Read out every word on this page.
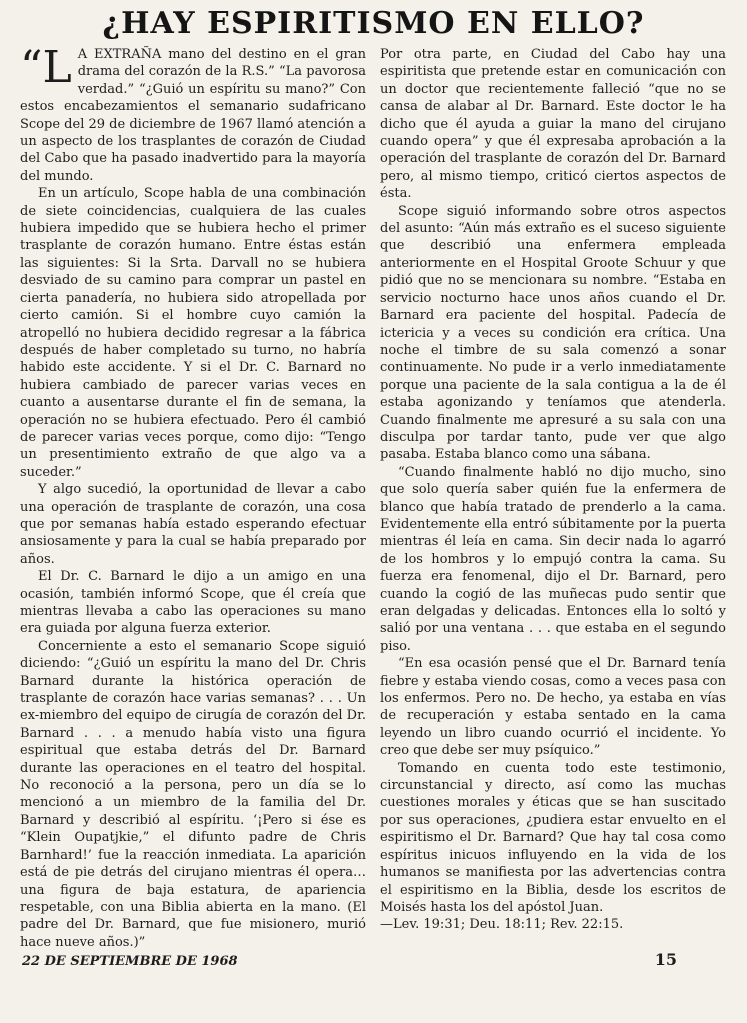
¿HAY ESPIRITISMO EN ELLO?

“L A EXTRAÑA mano del destino en el gran drama del corazón de la R.S.” “La pavorosa verdad.” “¿Guió un espíritu su mano?” Con estos encabezamientos el semanario sudafricano Scope del 29 de diciembre de 1967 llamó atención a un aspecto de los trasplantes de corazón de Ciudad del Cabo que ha pasado inadvertido para la mayoría del mundo.

En un artículo, Scope habla de una combinación de siete coincidencias, cualquiera de las cuales hubiera impedido que se hubiera hecho el primer trasplante de corazón humano. Entre éstas están las siguientes: Si la Srta. Darvall no se hubiera desviado de su camino para comprar un pastel en cierta panadería, no hubiera sido atropellada por cierto camión. Si el hombre cuyo camión la atropelló no hubiera decidido regresar a la fábrica después de haber completado su turno, no habría habido este accidente. Y si el Dr. C. Barnard no hubiera cambiado de parecer varias veces en cuanto a ausentarse durante el fin de semana, la operación no se hubiera efectuado. Pero él cambió de parecer varias veces porque, como dijo: “Tengo un presentimiento extraño de que algo va a suceder.”

Y algo sucedió, la oportunidad de llevar a cabo una operación de trasplante de corazón, una cosa que por semanas había estado esperando efectuar ansiosamente y para la cual se había preparado por años.

El Dr. C. Barnard le dijo a un amigo en una ocasión, también informó Scope, que él creía que mientras llevaba a cabo las operaciones su mano era guiada por alguna fuerza exterior.

Concerniente a esto el semanario Scope siguió diciendo: “¿Guió un espíritu la mano del Dr. Chris Barnard durante la histórica operación de trasplante de corazón hace varias semanas? . . . Un ex-miembro del equipo de cirugía de corazón del Dr. Barnard . . . a menudo había visto una figura espiritual que estaba detrás del Dr. Barnard durante las operaciones en el teatro del hospital. No reconoció a la persona, pero un día se lo mencionó a un miembro de la familia del Dr. Barnard y describió al espíritu. ‘¡Pero si ése es “Klein Oupatjkie,” el difunto padre de Chris Barnhard!’ fue la reacción inmediata. La aparición está de pie detrás del cirujano mientras él opera… una figura de baja estatura, de apariencia respetable, con una Biblia abierta en la mano. (El padre del Dr. Barnard, que fue misionero, murió hace nueve años.)”

Por otra parte, en Ciudad del Cabo hay una espiritista que pretende estar en comunicación con un doctor que recientemente falleció “que no se cansa de alabar al Dr. Barnard. Este doctor le ha dicho que él ayuda a guiar la mano del cirujano cuando opera” y que él expresaba aprobación a la operación del trasplante de corazón del Dr. Barnard pero, al mismo tiempo, criticó ciertos aspectos de ésta.

Scope siguió informando sobre otros aspectos del asunto: “Aún más extraño es el suceso siguiente que describió una enfermera empleada anteriormente en el Hospital Groote Schuur y que pidió que no se mencionara su nombre. “Estaba en servicio nocturno hace unos años cuando el Dr. Barnard era paciente del hospital. Padecía de ictericia y a veces su condición era crítica. Una noche el timbre de su sala comenzó a sonar continuamente. No pude ir a verlo inmediatamente porque una paciente de la sala contigua a la de él estaba agonizando y teníamos que atenderla. Cuando finalmente me apresuré a su sala con una disculpa por tardar tanto, pude ver que algo pasaba. Estaba blanco como una sábana.

“Cuando finalmente habló no dijo mucho, sino que solo quería saber quién fue la enfermera de blanco que había tratado de prenderlo a la cama. Evidentemente ella entró súbitamente por la puerta mientras él leía en cama. Sin decir nada lo agarró de los hombros y lo empujó contra la cama. Su fuerza era fenomenal, dijo el Dr. Barnard, pero cuando la cogió de las muñecas pudo sentir que eran delgadas y delicadas. Entonces ella lo soltó y salió por una ventana . . . que estaba en el segundo piso.

“En esa ocasión pensé que el Dr. Barnard tenía fiebre y estaba viendo cosas, como a veces pasa con los enfermos. Pero no. De hecho, ya estaba en vías de recuperación y estaba sentado en la cama leyendo un libro cuando ocurrió el incidente. Yo creo que debe ser muy psíquico.”

Tomando en cuenta todo este testimonio, circunstancial y directo, así como las muchas cuestiones morales y éticas que se han suscitado por sus operaciones, ¿pudiera estar envuelto en el espiritismo el Dr. Barnard? Que hay tal cosa como espíritus inicuos influyendo en la vida de los humanos se manifiesta por las advertencias contra el espiritismo en la Biblia, desde los escritos de Moisés hasta los del apóstol Juan.

—Lev. 19:31; Deu. 18:11; Rev. 22:15.

22 DE SEPTIEMBRE DE 1968	15
